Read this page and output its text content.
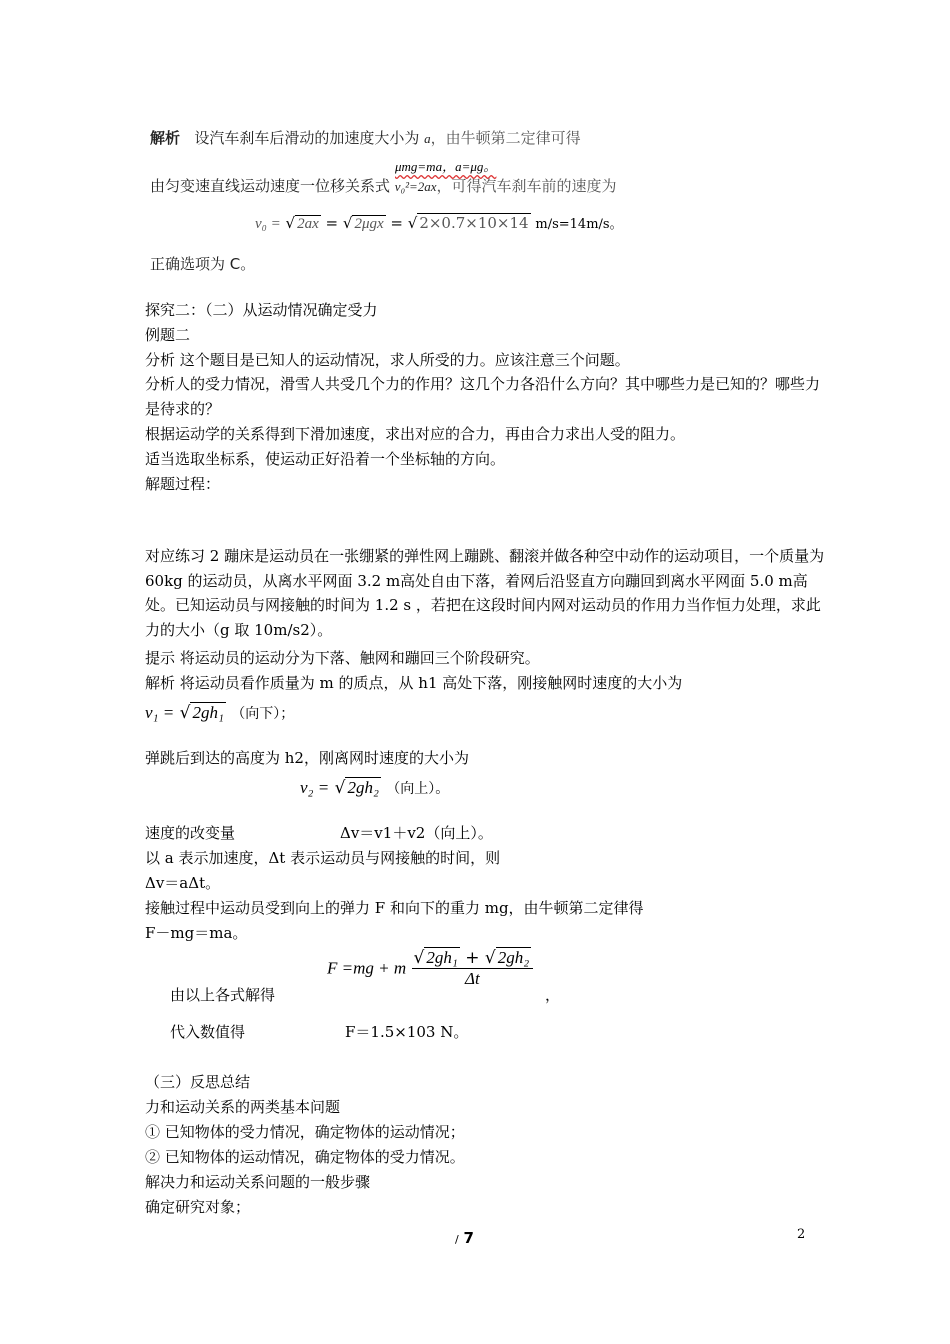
解析 设汽车刹车后滑动的加速度大小为 a，由牛顿第二定律可得
μmg=ma，a=μg。
由匀变速直线运动速度一位移关系式 v₀²=2ax，可得汽车刹车前的速度为
v₀ = √ 2ax = √ 2μgx = √ 2×0.7×10×14 m/s=14m/s。
正确选项为 C。
探究二：（二）从运动情况确定受力
例题二
分析 这个题目是已知人的运动情况，求人所受的力。应该注意三个问题。
分析人的受力情况，滑雪人共受几个力的作用？这几个力各沿什么方向？其中哪些力是已知的？哪些力是待求的？
根据运动学的关系得到下滑加速度，求出对应的合力，再由合力求出人受的阻力。
适当选取坐标系，使运动正好沿着一个坐标轴的方向。
解题过程：
对应练习 2 蹦床是运动员在一张绷紧的弹性网上蹦跳、翻滚并做各种空中动作的运动项目，一个质量为 60kg 的运动员，从离水平网面 3.2 m高处自由下落，着网后沿竖直方向蹦回到离水平网面 5.0 m高处。已知运动员与网接触的时间为 1.2 s ，若把在这段时间内网对运动员的作用力当作恒力处理，求此力的大小（g 取 10m/s2）。
提示 将运动员的运动分为下落、触网和蹦回三个阶段研究。
解析 将运动员看作质量为 m 的质点，从 h1 高处下落，刚接触网时速度的大小为
v₁ = √ 2gh₁ （向下）；
弹跳后到达的高度为 h2，刚离网时速度的大小为
v₂ = √ 2gh₂ （向上）。
速度的改变量	Δv＝v1＋v2（向上）。
以 a 表示加速度，Δt 表示运动员与网接触的时间，则
Δv＝aΔt。
接触过程中运动员受到向上的弹力 F 和向下的重力 mg，由牛顿第二定律得
F－mg＝ma。
由以上各式解得
F =mg + m $\frac{\text{√ 2gh₁ + √ 2gh₂}}{\Delta t}$
，
代入数值得	F＝1.5×103 N。
（三）反思总结
力和运动关系的两类基本问题
① 已知物体的受力情况，确定物体的运动情况；
② 已知物体的运动情况，确定物体的受力情况。
解决力和运动关系问题的一般步骤
确定研究对象；
/ 7	2
